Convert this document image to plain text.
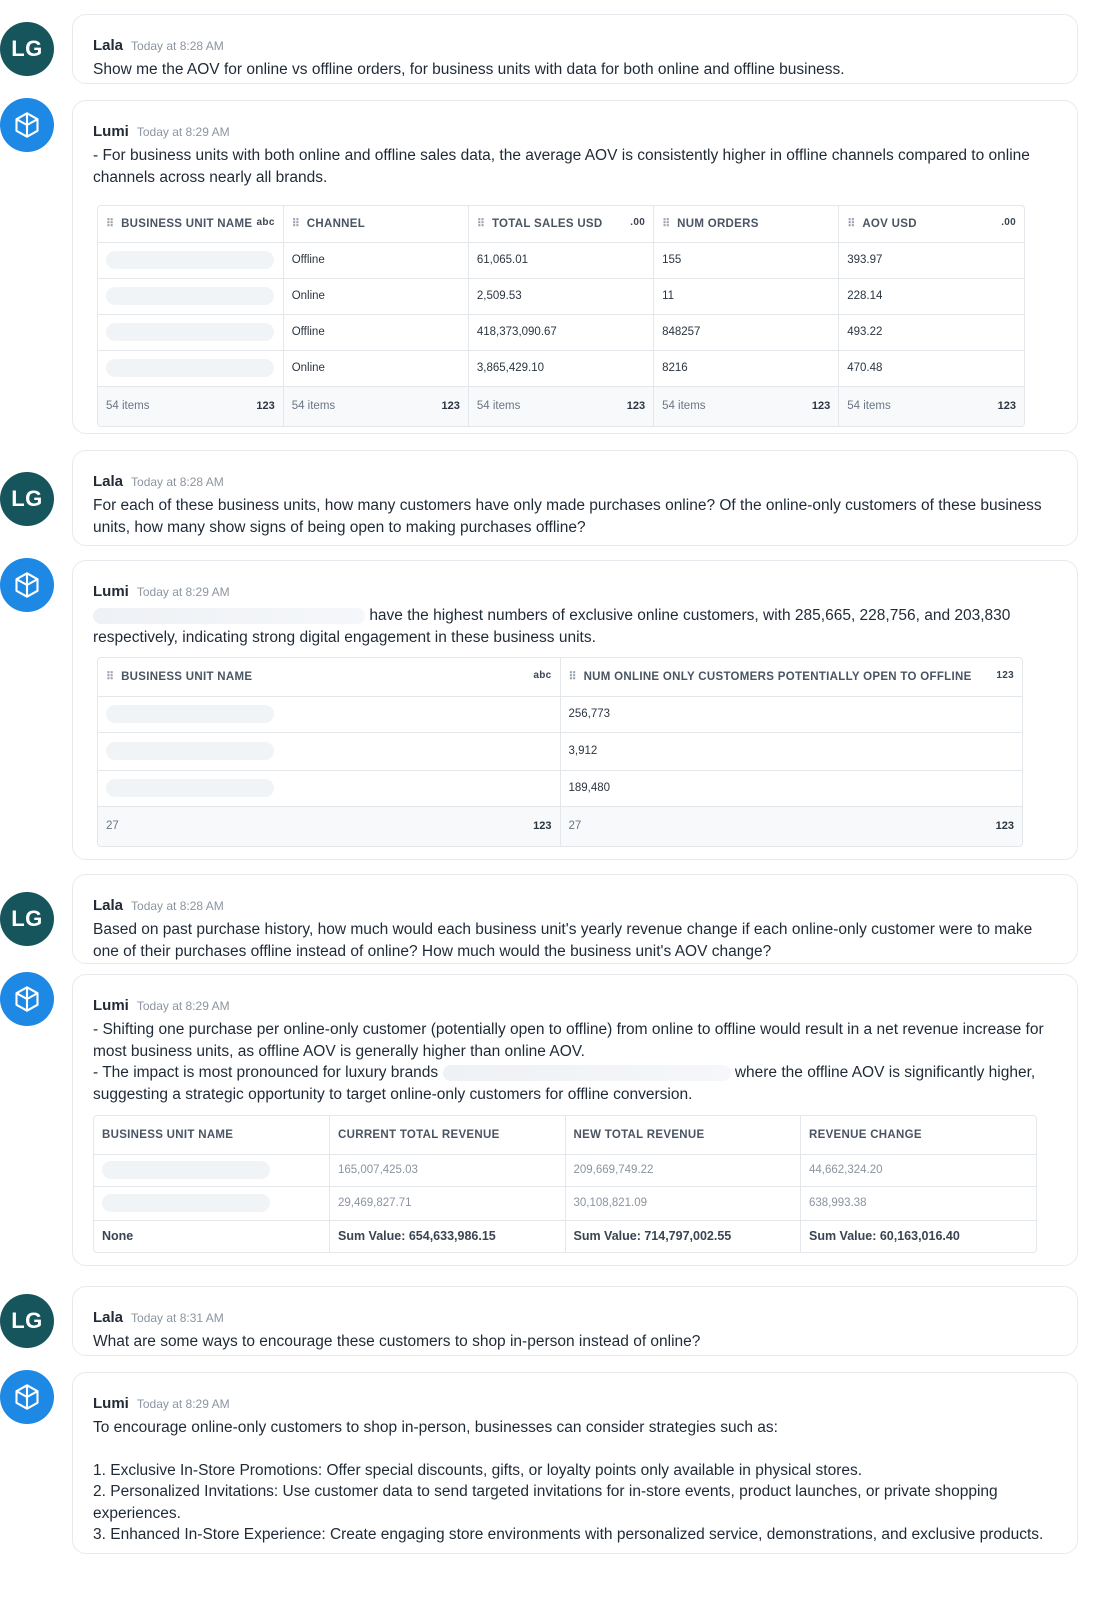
LG	Lala Today at 8:28 AM
Show me the AOV for online vs offline orders, for business units with data for both online and offline business.
Lumi Today at 8:29 AM
- For business units with both online and offline sales data, the average AOV is consistently higher in offline channels compared to online channels across nearly all brands.
⠿ BUSINESS UNIT NAME abc	⠿ CHANNEL	⠿ TOTAL SALES USD .00	⠿ NUM ORDERS	⠿ AOV USD .00

	Offline	61,065.01	155	393.97
	Online	2,509.53	11	228.14
	Offline	418,373,090.67	848257	493.22
	Online	3,865,429.10	8216	470.48
54 items 123	54 items 123	54 items 123	54 items 123	54 items 123
LG
Lala Today at 8:28 AM
For each of these business units, how many customers have only made purchases online? Of the online-only customers of these business units, how many show signs of being open to making purchases offline?
Lumi Today at 8:29 AM
have the highest numbers of exclusive online customers, with 285,665, 228,756, and 203,830
respectively, indicating strong digital engagement in these business units.
⠿ BUSINESS UNIT NAME abc	⠿ NUM ONLINE ONLY CUSTOMERS POTENTIALLY OPEN TO OFFLINE 123

	256,773
	3,912
	189,480
27 123	27 123
LG
Lala Today at 8:28 AM
Based on past purchase history, how much would each business unit's yearly revenue change if each online-only customer were to make one of their purchases offline instead of online? How much would the business unit's AOV change?
Lumi Today at 8:29 AM
- Shifting one purchase per online-only customer (potentially open to offline) from online to offline would result in a net revenue increase for most business units, as offline AOV is generally higher than online AOV.
- The impact is most pronounced for luxury brands	where the offline AOV is significantly higher,
suggesting a strategic opportunity to target online-only customers for offline conversion.
BUSINESS UNIT NAME	CURRENT TOTAL REVENUE	NEW TOTAL REVENUE	REVENUE CHANGE
	165,007,425.03	209,669,749.22	44,662,324.20
	29,469,827.71	30,108,821.09	638,993.38
None	Sum Value: 654,633,986.15	Sum Value: 714,797,002.55	Sum Value: 60,163,016.40
LG	Lala Today at 8:31 AM
What are some ways to encourage these customers to shop in-person instead of online?
Lumi Today at 8:29 AM
To encourage online-only customers to shop in-person, businesses can consider strategies such as:
1. Exclusive In-Store Promotions: Offer special discounts, gifts, or loyalty points only available in physical stores.
2. Personalized Invitations: Use customer data to send targeted invitations for in-store events, product launches, or private shopping experiences.
3. Enhanced In-Store Experience: Create engaging store environments with personalized service, demonstrations, and exclusive products.
